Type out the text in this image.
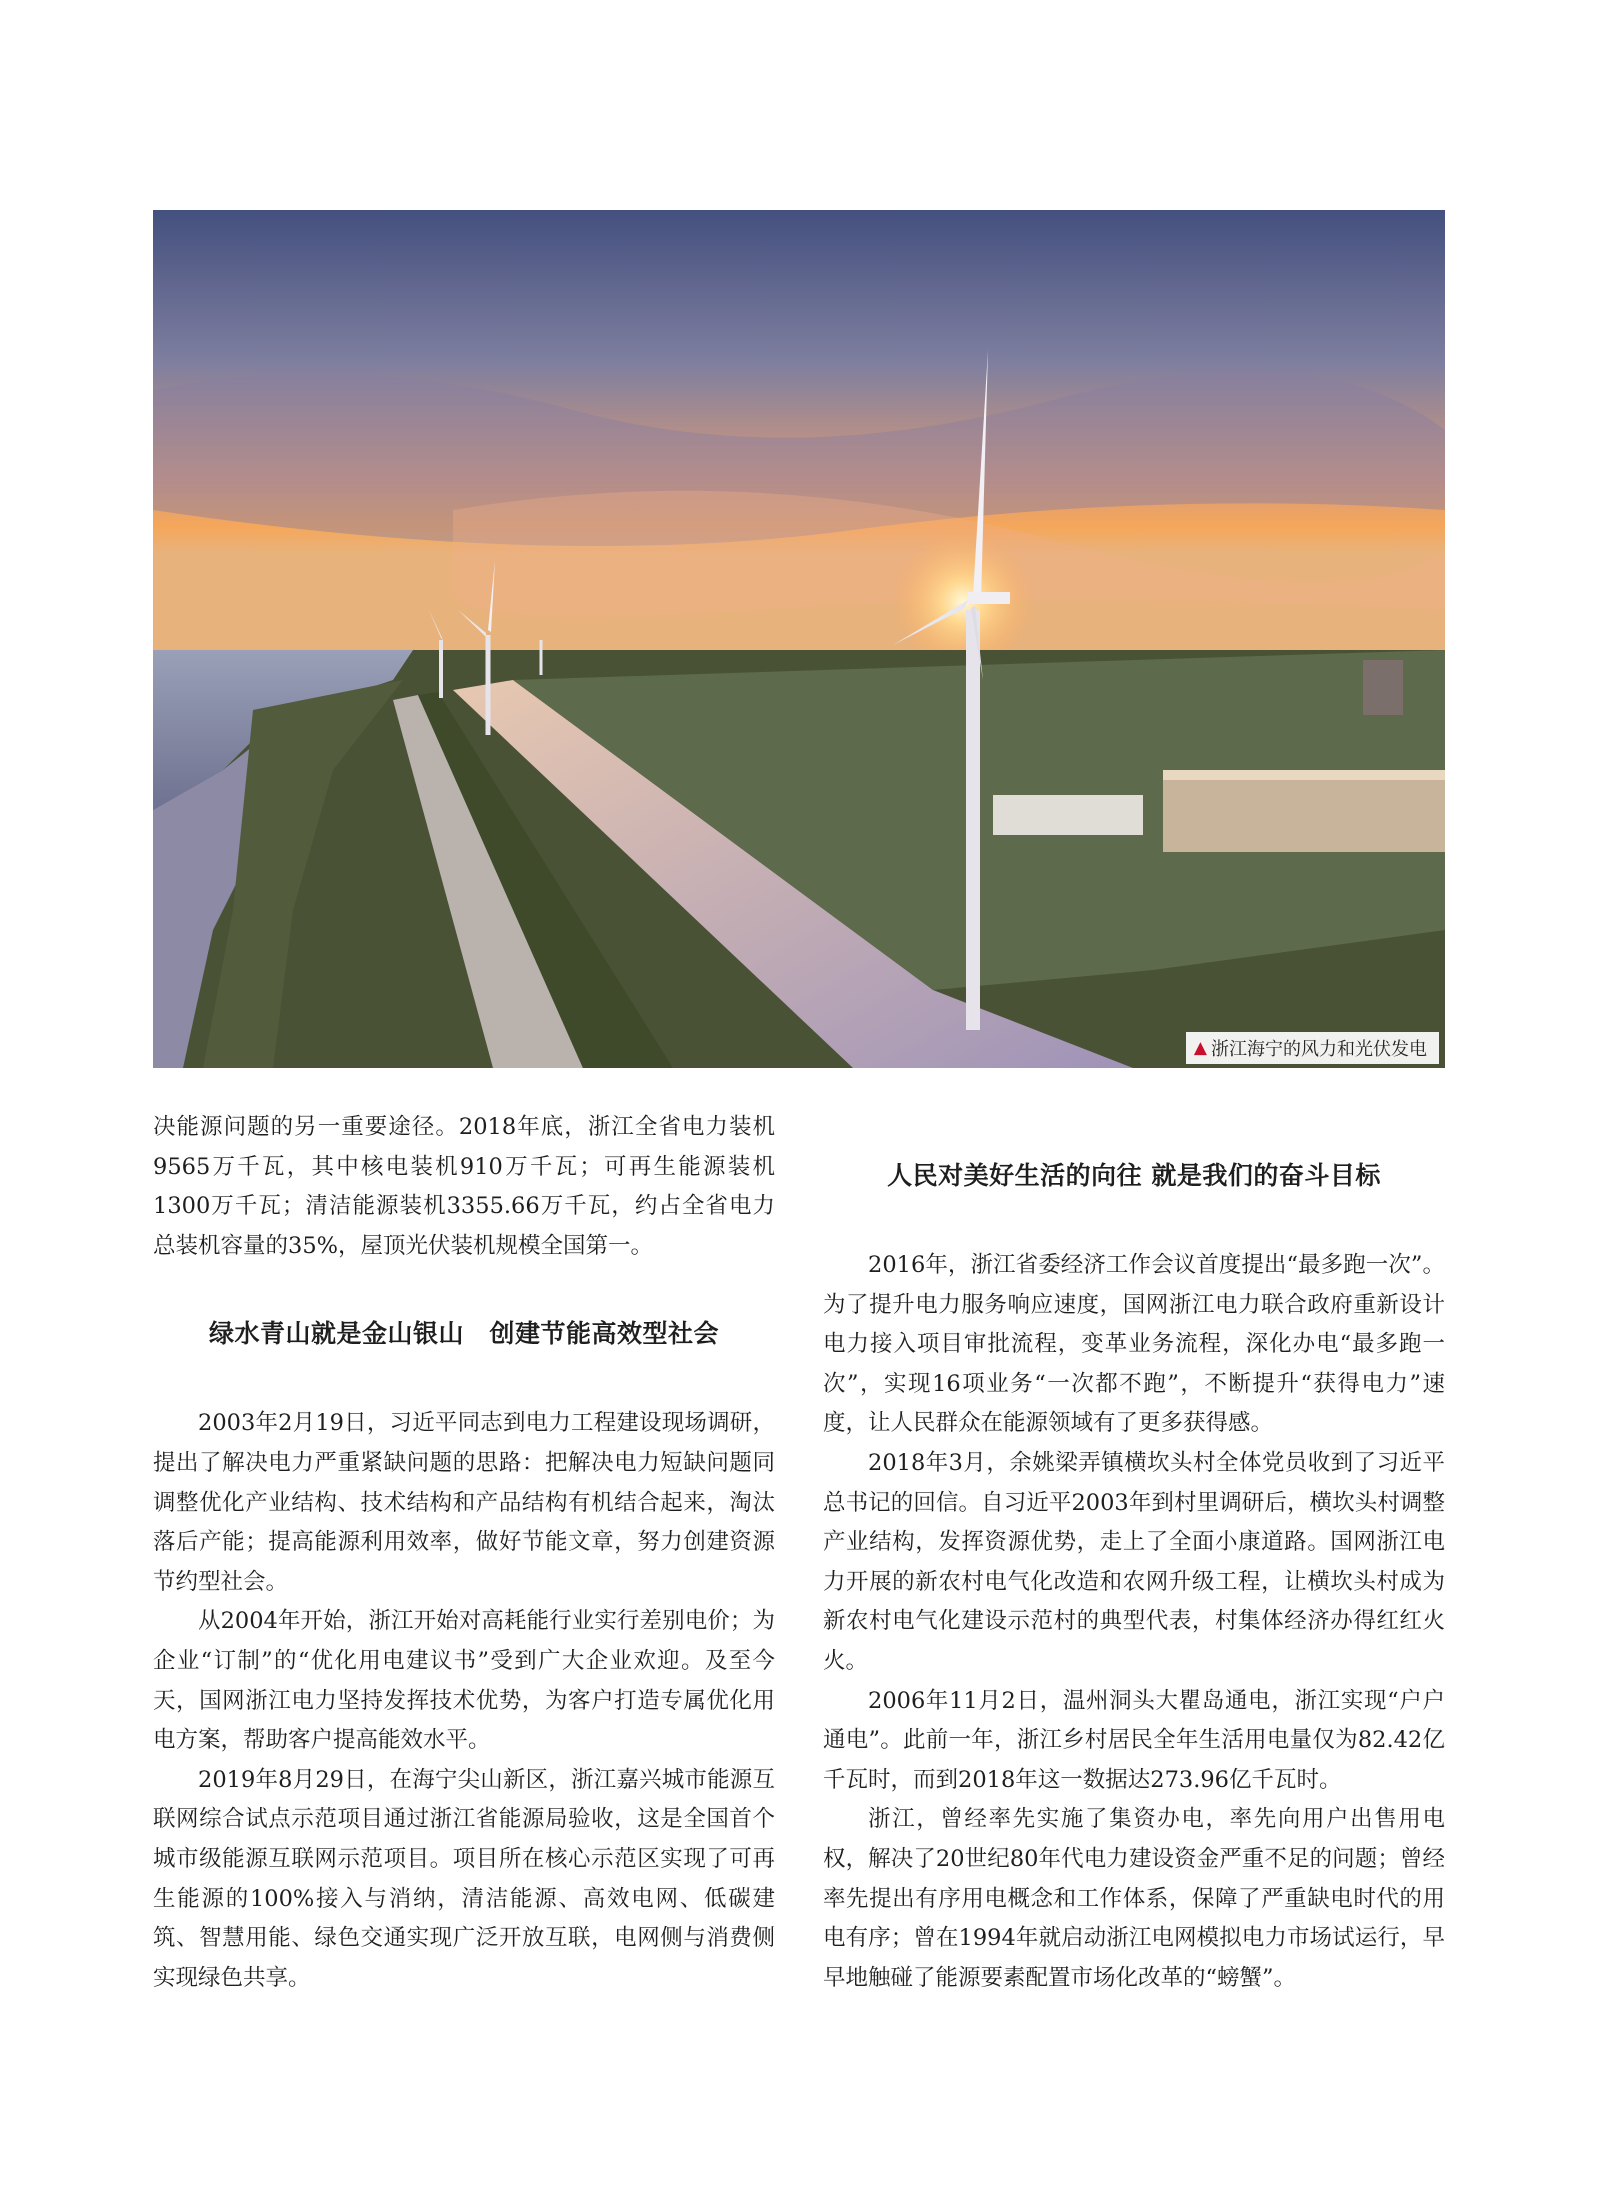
▲ 浙江海宁的风力和光伏发电

决能源问题的另一重要途径。2018年底，浙江全省电力装机9565万千瓦，其中核电装机910万千瓦；可再生能源装机1300万千瓦；清洁能源装机3355.66万千瓦，约占全省电力总装机容量的35%，屋顶光伏装机规模全国第一。

绿水青山就是金山银山　创建节能高效型社会

2003年2月19日，习近平同志到电力工程建设现场调研，提出了解决电力严重紧缺问题的思路：把解决电力短缺问题同调整优化产业结构、技术结构和产品结构有机结合起来，淘汰落后产能；提高能源利用效率，做好节能文章，努力创建资源节约型社会。

从2004年开始，浙江开始对高耗能行业实行差别电价；为企业“订制”的“优化用电建议书”受到广大企业欢迎。及至今天，国网浙江电力坚持发挥技术优势，为客户打造专属优化用电方案，帮助客户提高能效水平。

2019年8月29日，在海宁尖山新区，浙江嘉兴城市能源互联网综合试点示范项目通过浙江省能源局验收，这是全国首个城市级能源互联网示范项目。项目所在核心示范区实现了可再生能源的100%接入与消纳，清洁能源、高效电网、低碳建筑、智慧用能、绿色交通实现广泛开放互联，电网侧与消费侧实现绿色共享。

人民对美好生活的向往 就是我们的奋斗目标

2016年，浙江省委经济工作会议首度提出“最多跑一次”。为了提升电力服务响应速度，国网浙江电力联合政府重新设计电力接入项目审批流程，变革业务流程，深化办电“最多跑一次”，实现16项业务“一次都不跑”，不断提升“获得电力”速度，让人民群众在能源领域有了更多获得感。

2018年3月，余姚梁弄镇横坎头村全体党员收到了习近平总书记的回信。自习近平2003年到村里调研后，横坎头村调整产业结构，发挥资源优势，走上了全面小康道路。国网浙江电力开展的新农村电气化改造和农网升级工程，让横坎头村成为新农村电气化建设示范村的典型代表，村集体经济办得红红火火。

2006年11月2日，温州洞头大瞿岛通电，浙江实现“户户通电”。此前一年，浙江乡村居民全年生活用电量仅为82.42亿千瓦时，而到2018年这一数据达273.96亿千瓦时。

浙江，曾经率先实施了集资办电，率先向用户出售用电权，解决了20世纪80年代电力建设资金严重不足的问题；曾经率先提出有序用电概念和工作体系，保障了严重缺电时代的用电有序；曾在1994年就启动浙江电网模拟电力市场试运行，早早地触碰了能源要素配置市场化改革的“螃蟹”。
